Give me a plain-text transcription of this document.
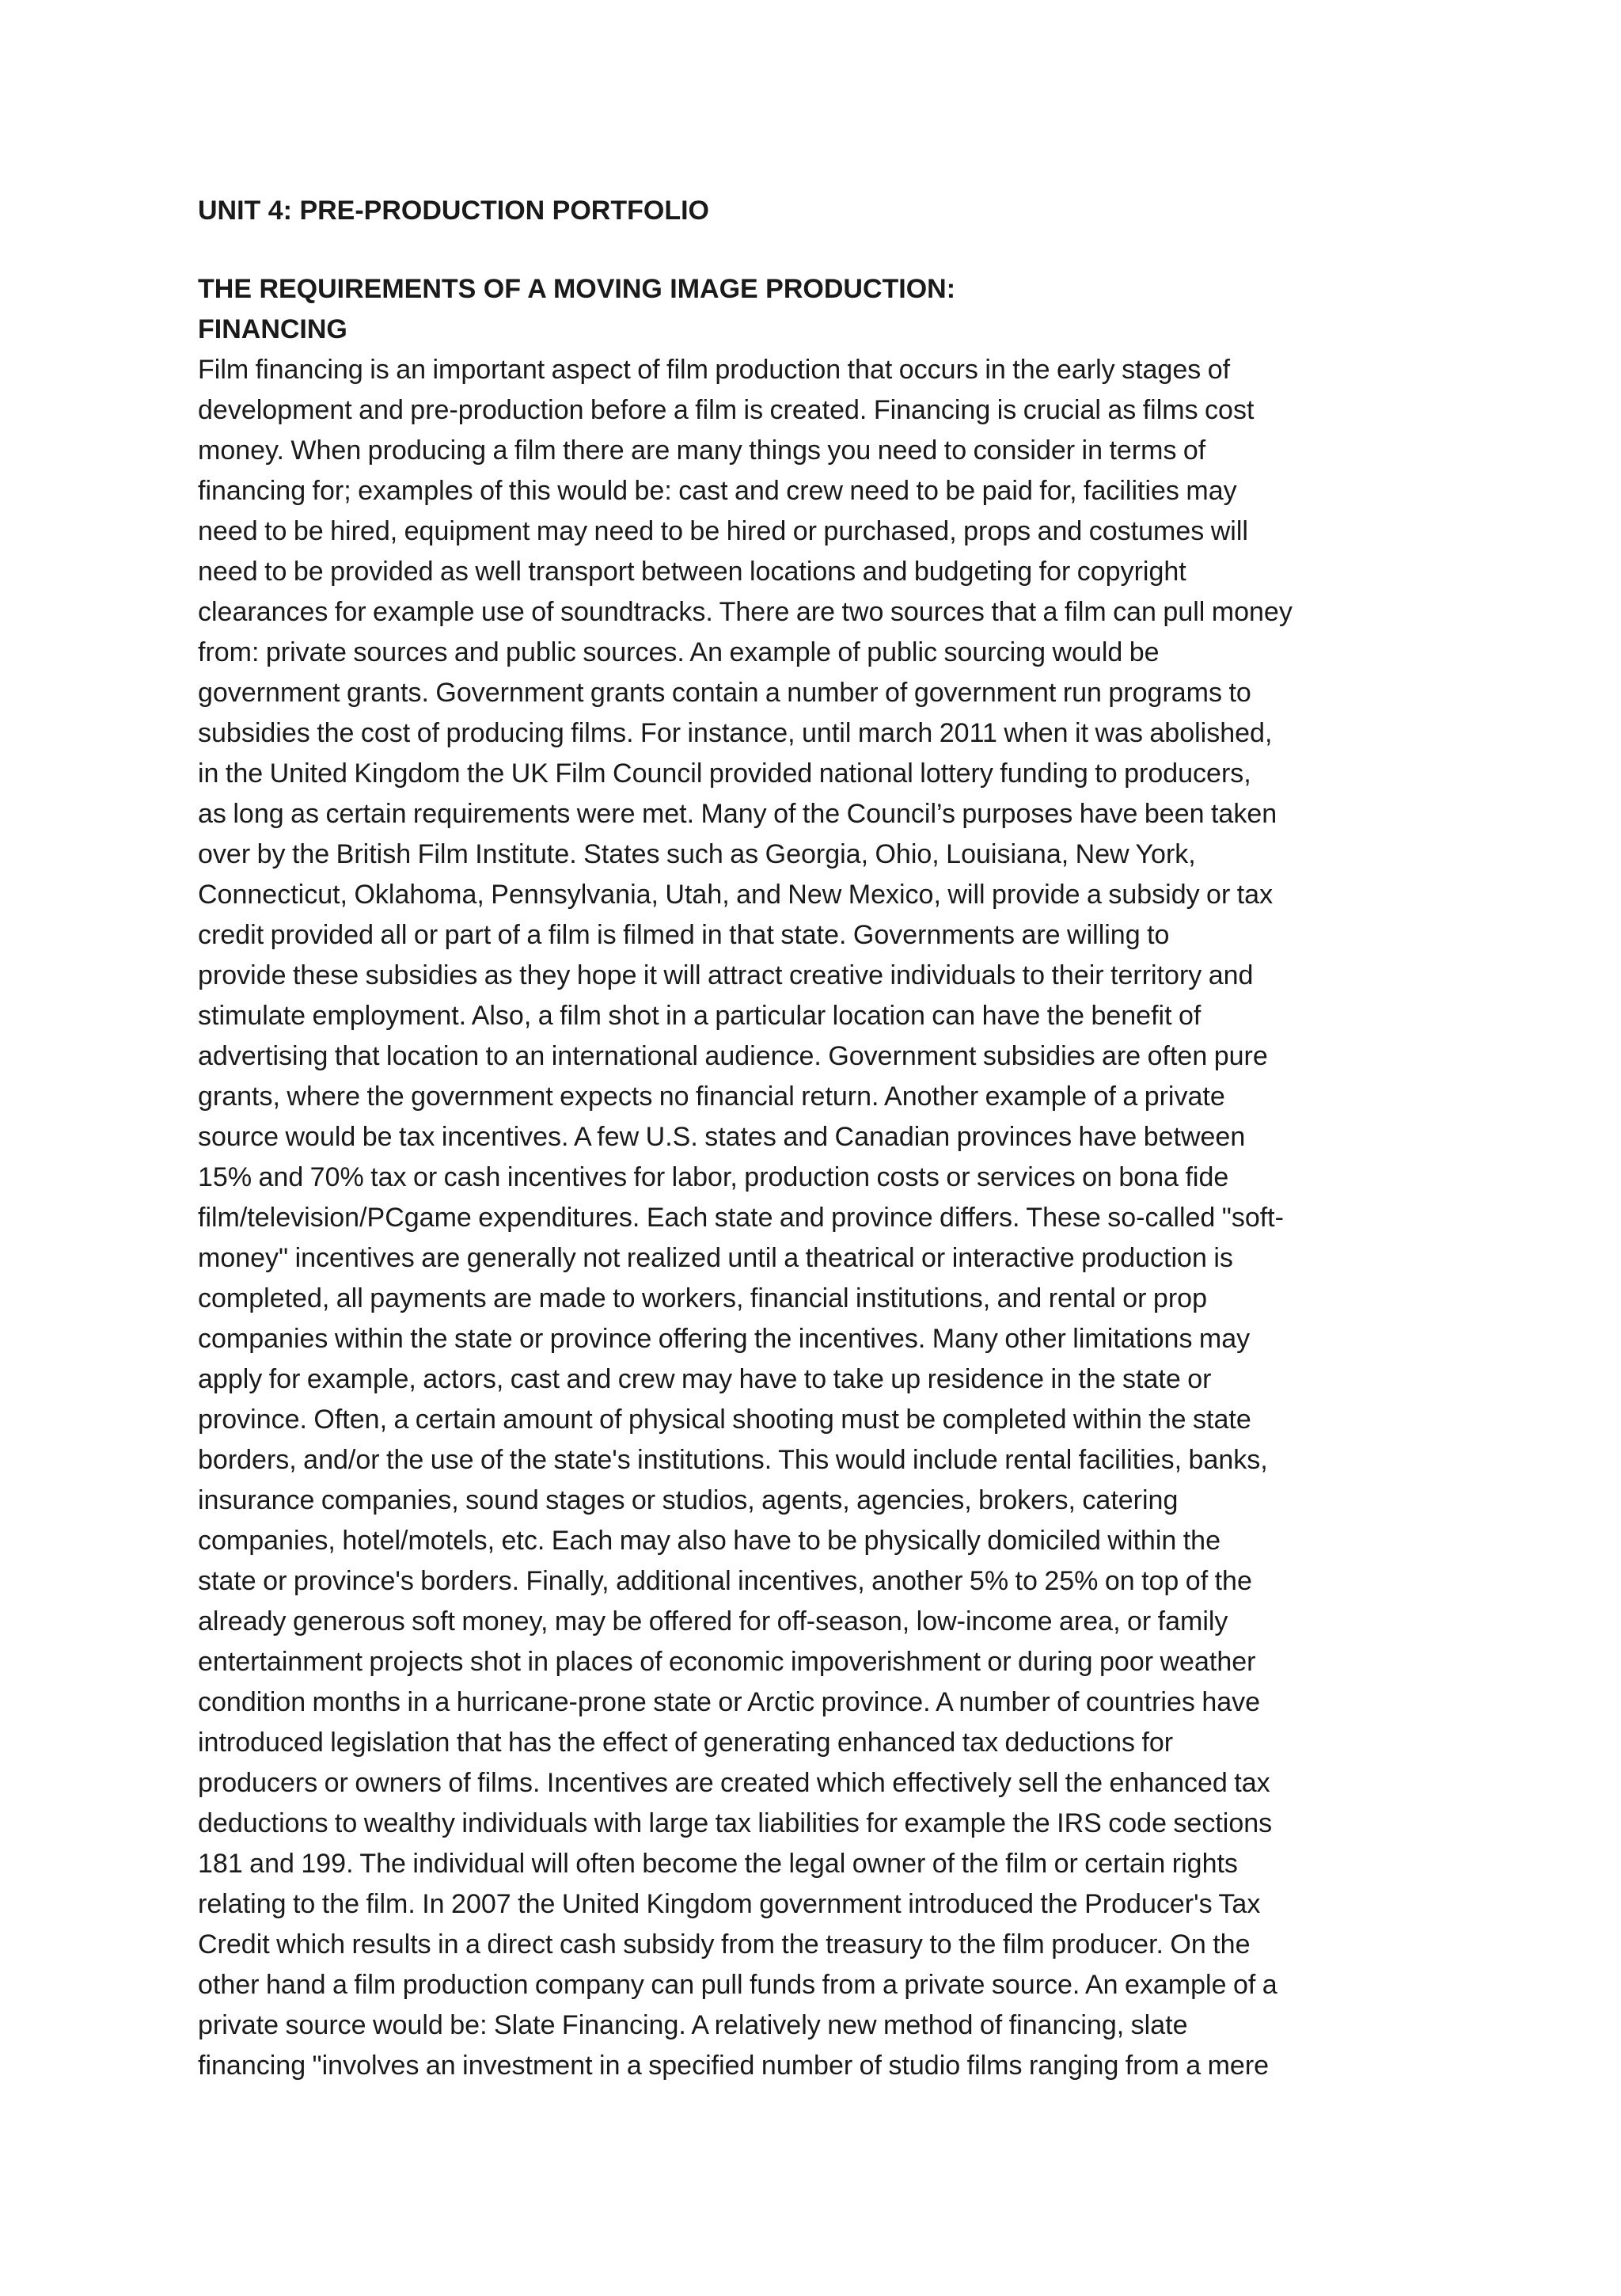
UNIT 4: PRE-PRODUCTION PORTFOLIO
THE REQUIREMENTS OF A MOVING IMAGE PRODUCTION:
FINANCING
Film financing is an important aspect of film production that occurs in the early stages of
development and pre-production before a film is created. Financing is crucial as films cost
money. When producing a film there are many things you need to consider in terms of
financing for; examples of this would be: cast and crew need to be paid for, facilities may
need to be hired, equipment may need to be hired or purchased, props and costumes will
need to be provided as well transport between locations and budgeting for copyright
clearances for example use of soundtracks. There are two sources that a film can pull money
from: private sources and public sources. An example of public sourcing would be
government grants. Government grants contain a number of government run programs to
subsidies the cost of producing films. For instance, until march 2011 when it was abolished,
in the United Kingdom the UK Film Council provided national lottery funding to producers,
as long as certain requirements were met. Many of the Council’s purposes have been taken
over by the British Film Institute. States such as Georgia, Ohio, Louisiana, New York,
Connecticut, Oklahoma, Pennsylvania, Utah, and New Mexico, will provide a subsidy or tax
credit provided all or part of a film is filmed in that state. Governments are willing to
provide these subsidies as they hope it will attract creative individuals to their territory and
stimulate employment. Also, a film shot in a particular location can have the benefit of
advertising that location to an international audience. Government subsidies are often pure
grants, where the government expects no financial return. Another example of a private
source would be tax incentives. A few U.S. states and Canadian provinces have between
15% and 70% tax or cash incentives for labor, production costs or services on bona fide
film/television/PCgame expenditures. Each state and province differs. These so-called "soft-
money" incentives are generally not realized until a theatrical or interactive production is
completed, all payments are made to workers, financial institutions, and rental or prop
companies within the state or province offering the incentives. Many other limitations may
apply for example, actors, cast and crew may have to take up residence in the state or
province. Often, a certain amount of physical shooting must be completed within the state
borders, and/or the use of the state's institutions. This would include rental facilities, banks,
insurance companies, sound stages or studios, agents, agencies, brokers, catering
companies, hotel/motels, etc. Each may also have to be physically domiciled within the
state or province's borders. Finally, additional incentives, another 5% to 25% on top of the
already generous soft money, may be offered for off-season, low-income area, or family
entertainment projects shot in places of economic impoverishment or during poor weather
condition months in a hurricane-prone state or Arctic province. A number of countries have
introduced legislation that has the effect of generating enhanced tax deductions for
producers or owners of films. Incentives are created which effectively sell the enhanced tax
deductions to wealthy individuals with large tax liabilities for example the IRS code sections
181 and 199. The individual will often become the legal owner of the film or certain rights
relating to the film. In 2007 the United Kingdom government introduced the Producer's Tax
Credit which results in a direct cash subsidy from the treasury to the film producer. On the
other hand a film production company can pull funds from a private source. An example of a
private source would be: Slate Financing. A relatively new method of financing, slate
financing "involves an investment in a specified number of studio films ranging from a mere
